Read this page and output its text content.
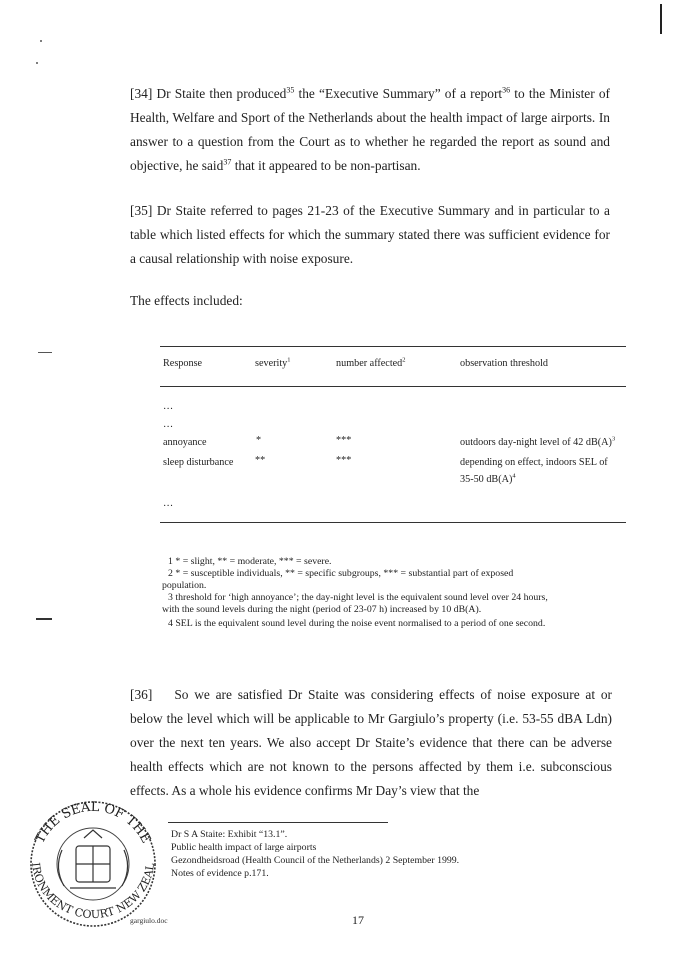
[34] Dr Staite then produced$^{35}$ the “Executive Summary” of a report$^{36}$ to the Minister of Health, Welfare and Sport of the Netherlands about the health impact of large airports. In answer to a question from the Court as to whether he regarded the report as sound and objective, he said$^{37}$ that it appeared to be non-partisan.
[35] Dr Staite referred to pages 21-23 of the Executive Summary and in particular to a table which listed effects for which the summary stated there was sufficient evidence for a causal relationship with noise exposure.
The effects included:
Response	severity$^1$	number affected$^2$	observation threshold
…
…
annoyance	*	***	outdoors day-night level of 42 $dB(A)^3$
sleep disturbance **	***	depending on effect, indoors SEL of
35-50 $dB(A)^4$
…
1 * = slight, ** = moderate, *** = severe.
2 * = susceptible individuals, ** = specific subgroups, *** = substantial part of exposed
population.
3 threshold for ‘high annoyance’; the day-night level is the equivalent sound level over 24 hours,
with the sound levels during the night (period of 23-07 h) increased by 10 dB(A).
4 SEL is the equivalent sound level during the noise event normalised to a period of one second.
[36] So we are satisfied Dr Staite was considering effects of noise exposure at or below the level which will be applicable to Mr Gargiulo’s property (i.e. 53-55 dBA Ldn) over the next ten years. We also accept Dr Staite’s evidence that there can be adverse health effects which are not known to the persons affected by them i.e. subconscious effects. As a whole his evidence confirms Mr Day’s view that the
THE SEAL OF THE
IRONMENT COURT NEW ZEAL
Dr S A Staite: Exhibit “13.1”.
Public health impact of large airports
Gezondheidsroad (Health Council of the Netherlands) 2 September 1999.
Notes of evidence p.171.
gargiulo.doc	17
